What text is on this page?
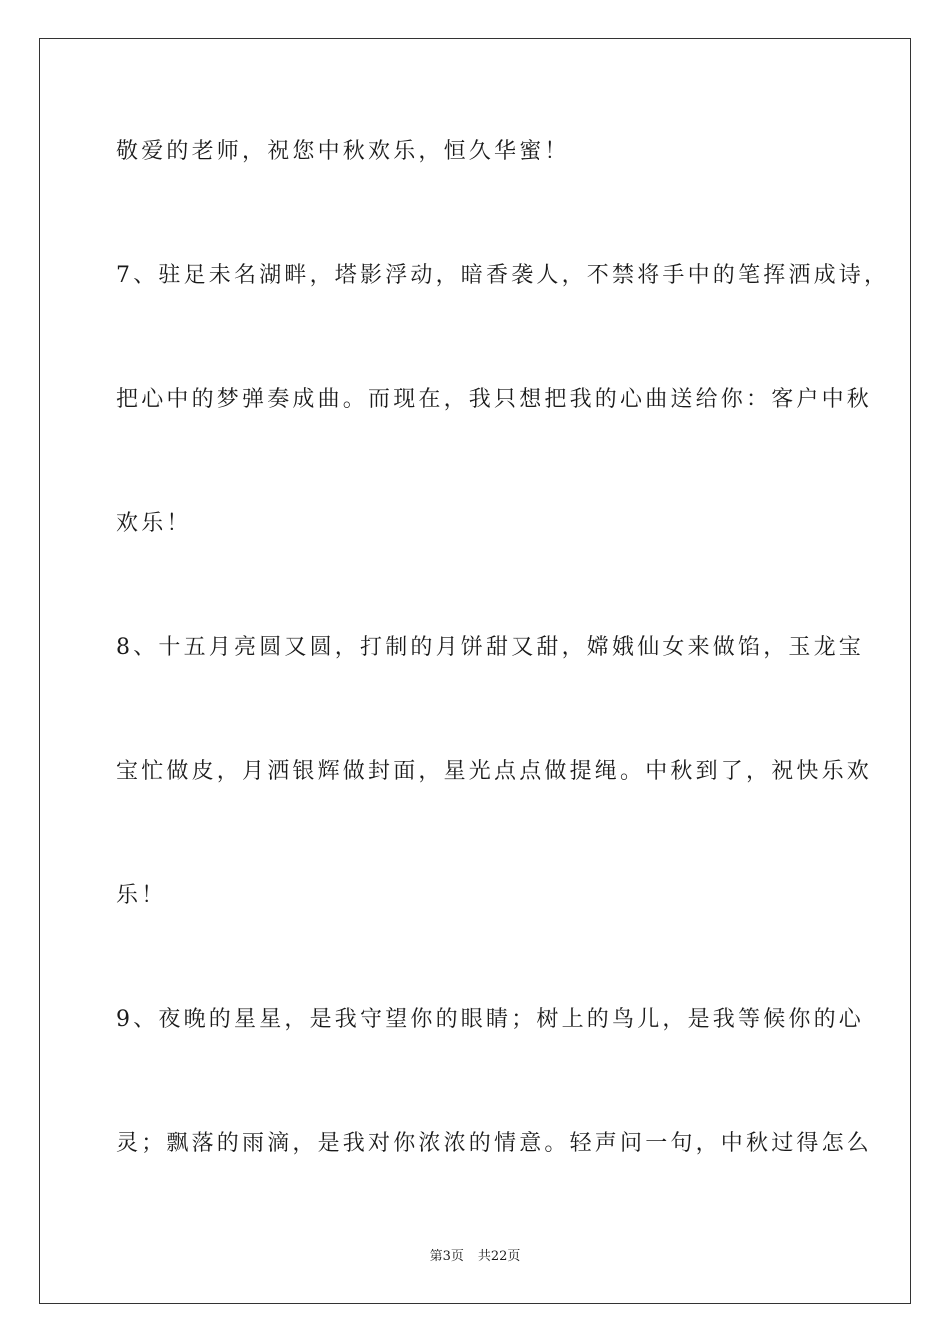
敬爱的老师，祝您中秋欢乐，恒久华蜜！
7、驻足未名湖畔，塔影浮动，暗香袭人，不禁将手中的笔挥洒成诗，
把心中的梦弹奏成曲。而现在，我只想把我的心曲送给你：客户中秋
欢乐！
8、十五月亮圆又圆，打制的月饼甜又甜，嫦娥仙女来做馅，玉龙宝
宝忙做皮，月洒银辉做封面，星光点点做提绳。中秋到了，祝快乐欢
乐！
9、夜晚的星星，是我守望你的眼睛；树上的鸟儿，是我等候你的心
灵；飘落的雨滴，是我对你浓浓的情意。轻声问一句，中秋过得怎么
第3页 共22页
